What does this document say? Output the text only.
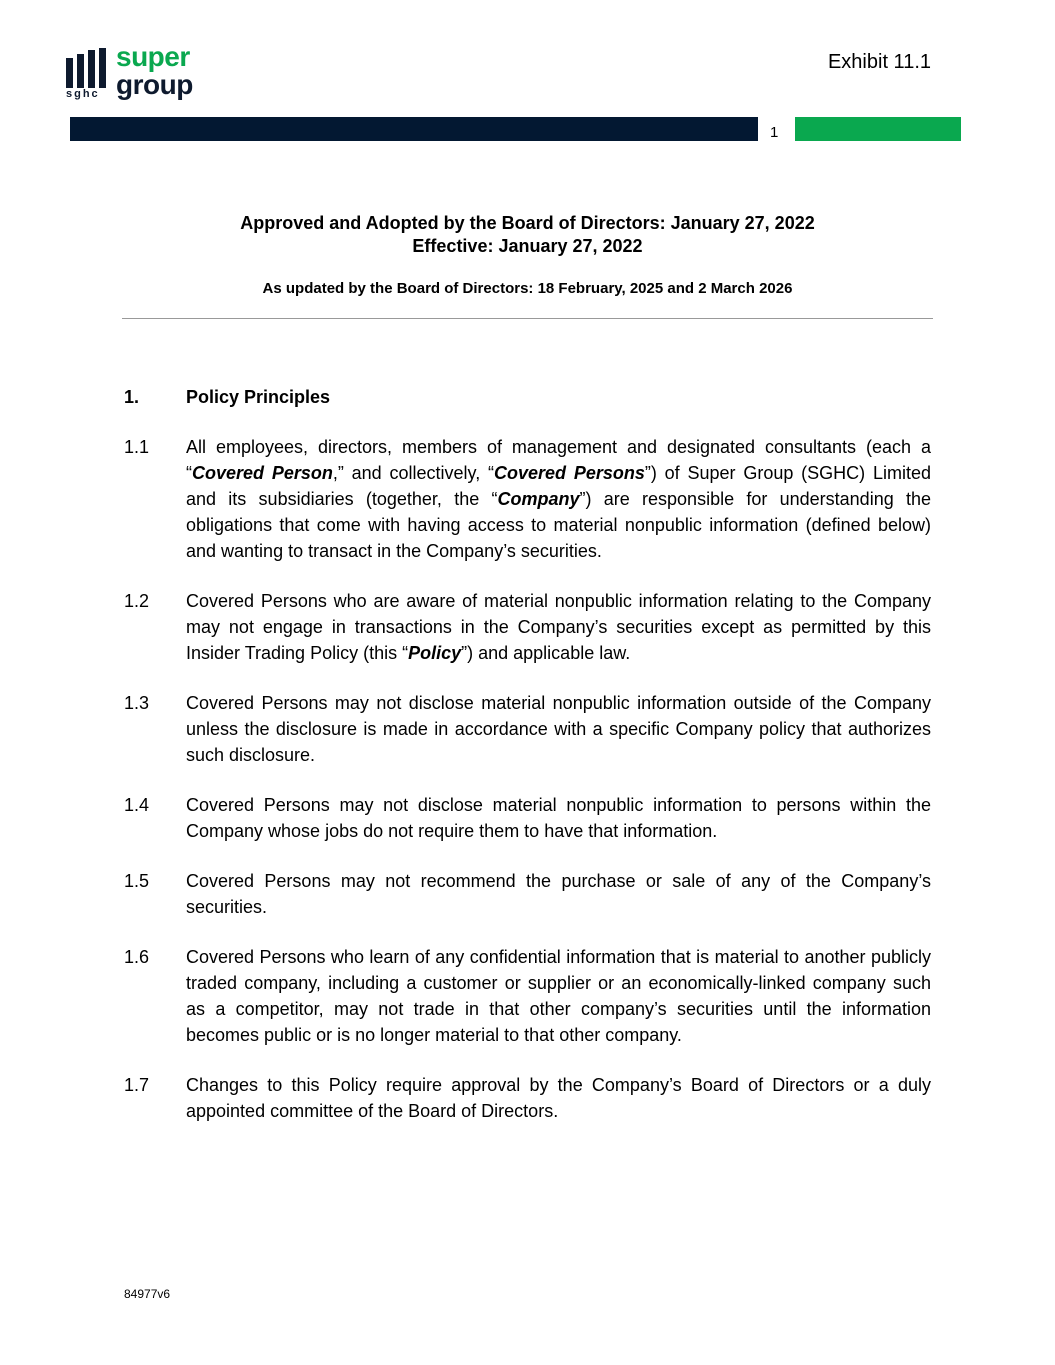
sghc
super
group
Exhibit 11.1
1
Approved and Adopted by the Board of Directors: January 27, 2022
Effective: January 27, 2022
As updated by the Board of Directors: 18 February, 2025 and 2 March 2026
1.	Policy Principles
1.1	All employees, directors, members of management and designated consultants (each a “Covered Person,” and collectively, “Covered Persons”) of Super Group (SGHC) Limited and its subsidiaries (together, the “Company”) are responsible for understanding the obligations that come with having access to material nonpublic information (defined below) and wanting to transact in the Company’s securities.
1.2	Covered Persons who are aware of material nonpublic information relating to the Company may not engage in transactions in the Company’s securities except as permitted by this Insider Trading Policy (this “Policy”) and applicable law.
1.3	Covered Persons may not disclose material nonpublic information outside of the Company unless the disclosure is made in accordance with a specific Company policy that authorizes such disclosure.
1.4	Covered Persons may not disclose material nonpublic information to persons within the Company whose jobs do not require them to have that information.
1.5	Covered Persons may not recommend the purchase or sale of any of the Company’s securities.
1.6	Covered Persons who learn of any confidential information that is material to another publicly traded company, including a customer or supplier or an economically-linked company such as a competitor, may not trade in that other company’s securities until the information becomes public or is no longer material to that other company.
1.7	Changes to this Policy require approval by the Company’s Board of Directors or a duly appointed committee of the Board of Directors.
84977v6
